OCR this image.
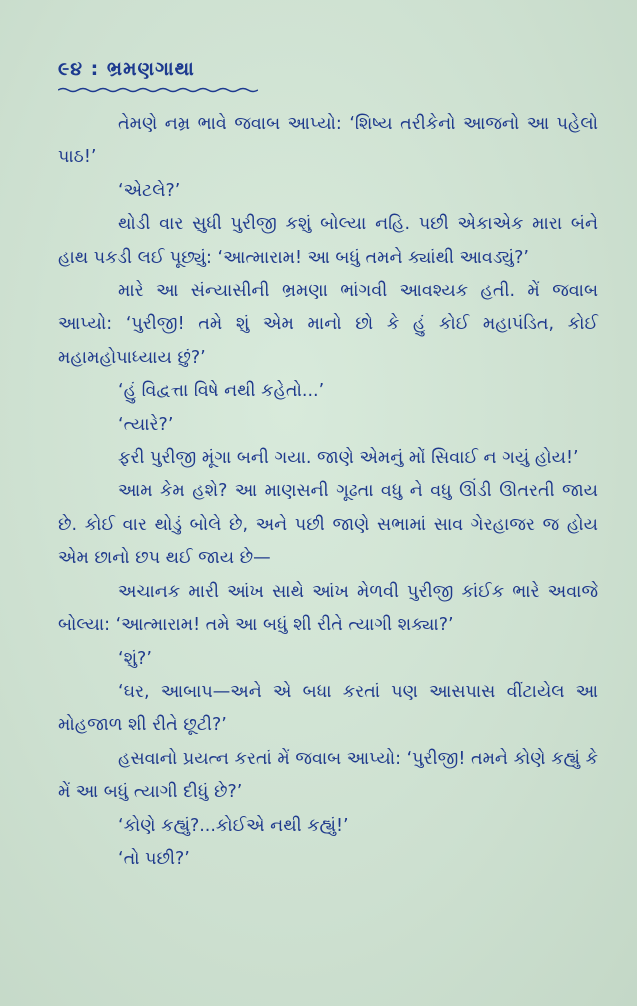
૯૪ : ભ્રમણગાથા

તેમણે નમ્ર ભાવે જવાબ આપ્યો: ‘શિષ્ય તરીકેનો આજનો આ પહેલો પાઠ!’

‘એટલે?’

થોડી વાર સુધી પુરીજી કશું બોલ્યા નહિ. પછી એકાએક મારા બંને હાથ પકડી લઈ પૂછ્યું: ‘આત્મારામ! આ બધું તમને ક્યાંથી આવડ્યું?’

મારે આ સંન્યાસીની ભ્રમણા ભાંગવી આવશ્યક હતી. મેં જવાબ આપ્યો: ‘પુરીજી! તમે શું એમ માનો છો કે હું કોઈ મહાપંડિત, કોઈ મહામહોપાધ્યાય છું?’

‘હું વિદ્વત્તા વિષે નથી કહેતો...’

‘ત્યારે?’

ફરી પુરીજી મૂંગા બની ગયા. જાણે એમનું મોં સિવાઈ ન ગયું હોય!’

આમ કેમ હશે? આ માણસની ગૂઢતા વધુ ને વધુ ઊંડી ઊતરતી જાય છે. કોઈ વાર થોડું બોલે છે, અને પછી જાણે સભામાં સાવ ગેરહાજર જ હોય એમ છાનો છપ થઈ જાય છે—

અચાનક મારી આંખ સાથે આંખ મેળવી પુરીજી કાંઈક ભારે અવાજે બોલ્યા: ‘આત્મારામ! તમે આ બધું શી રીતે ત્યાગી શક્યા?’

‘શું?’

‘ઘર, આબાપ—અને એ બધા કરતાં પણ આસપાસ વીંટાયેલ આ મોહજાળ શી રીતે છૂટી?’

હસવાનો પ્રયત્ન કરતાં મેં જવાબ આપ્યો: ‘પુરીજી! તમને કોણે કહ્યું કે મેં આ બધું ત્યાગી દીધું છે?’

‘કોણે કહ્યું?...કોઈએ નથી કહ્યું!’

‘તો પછી?’
